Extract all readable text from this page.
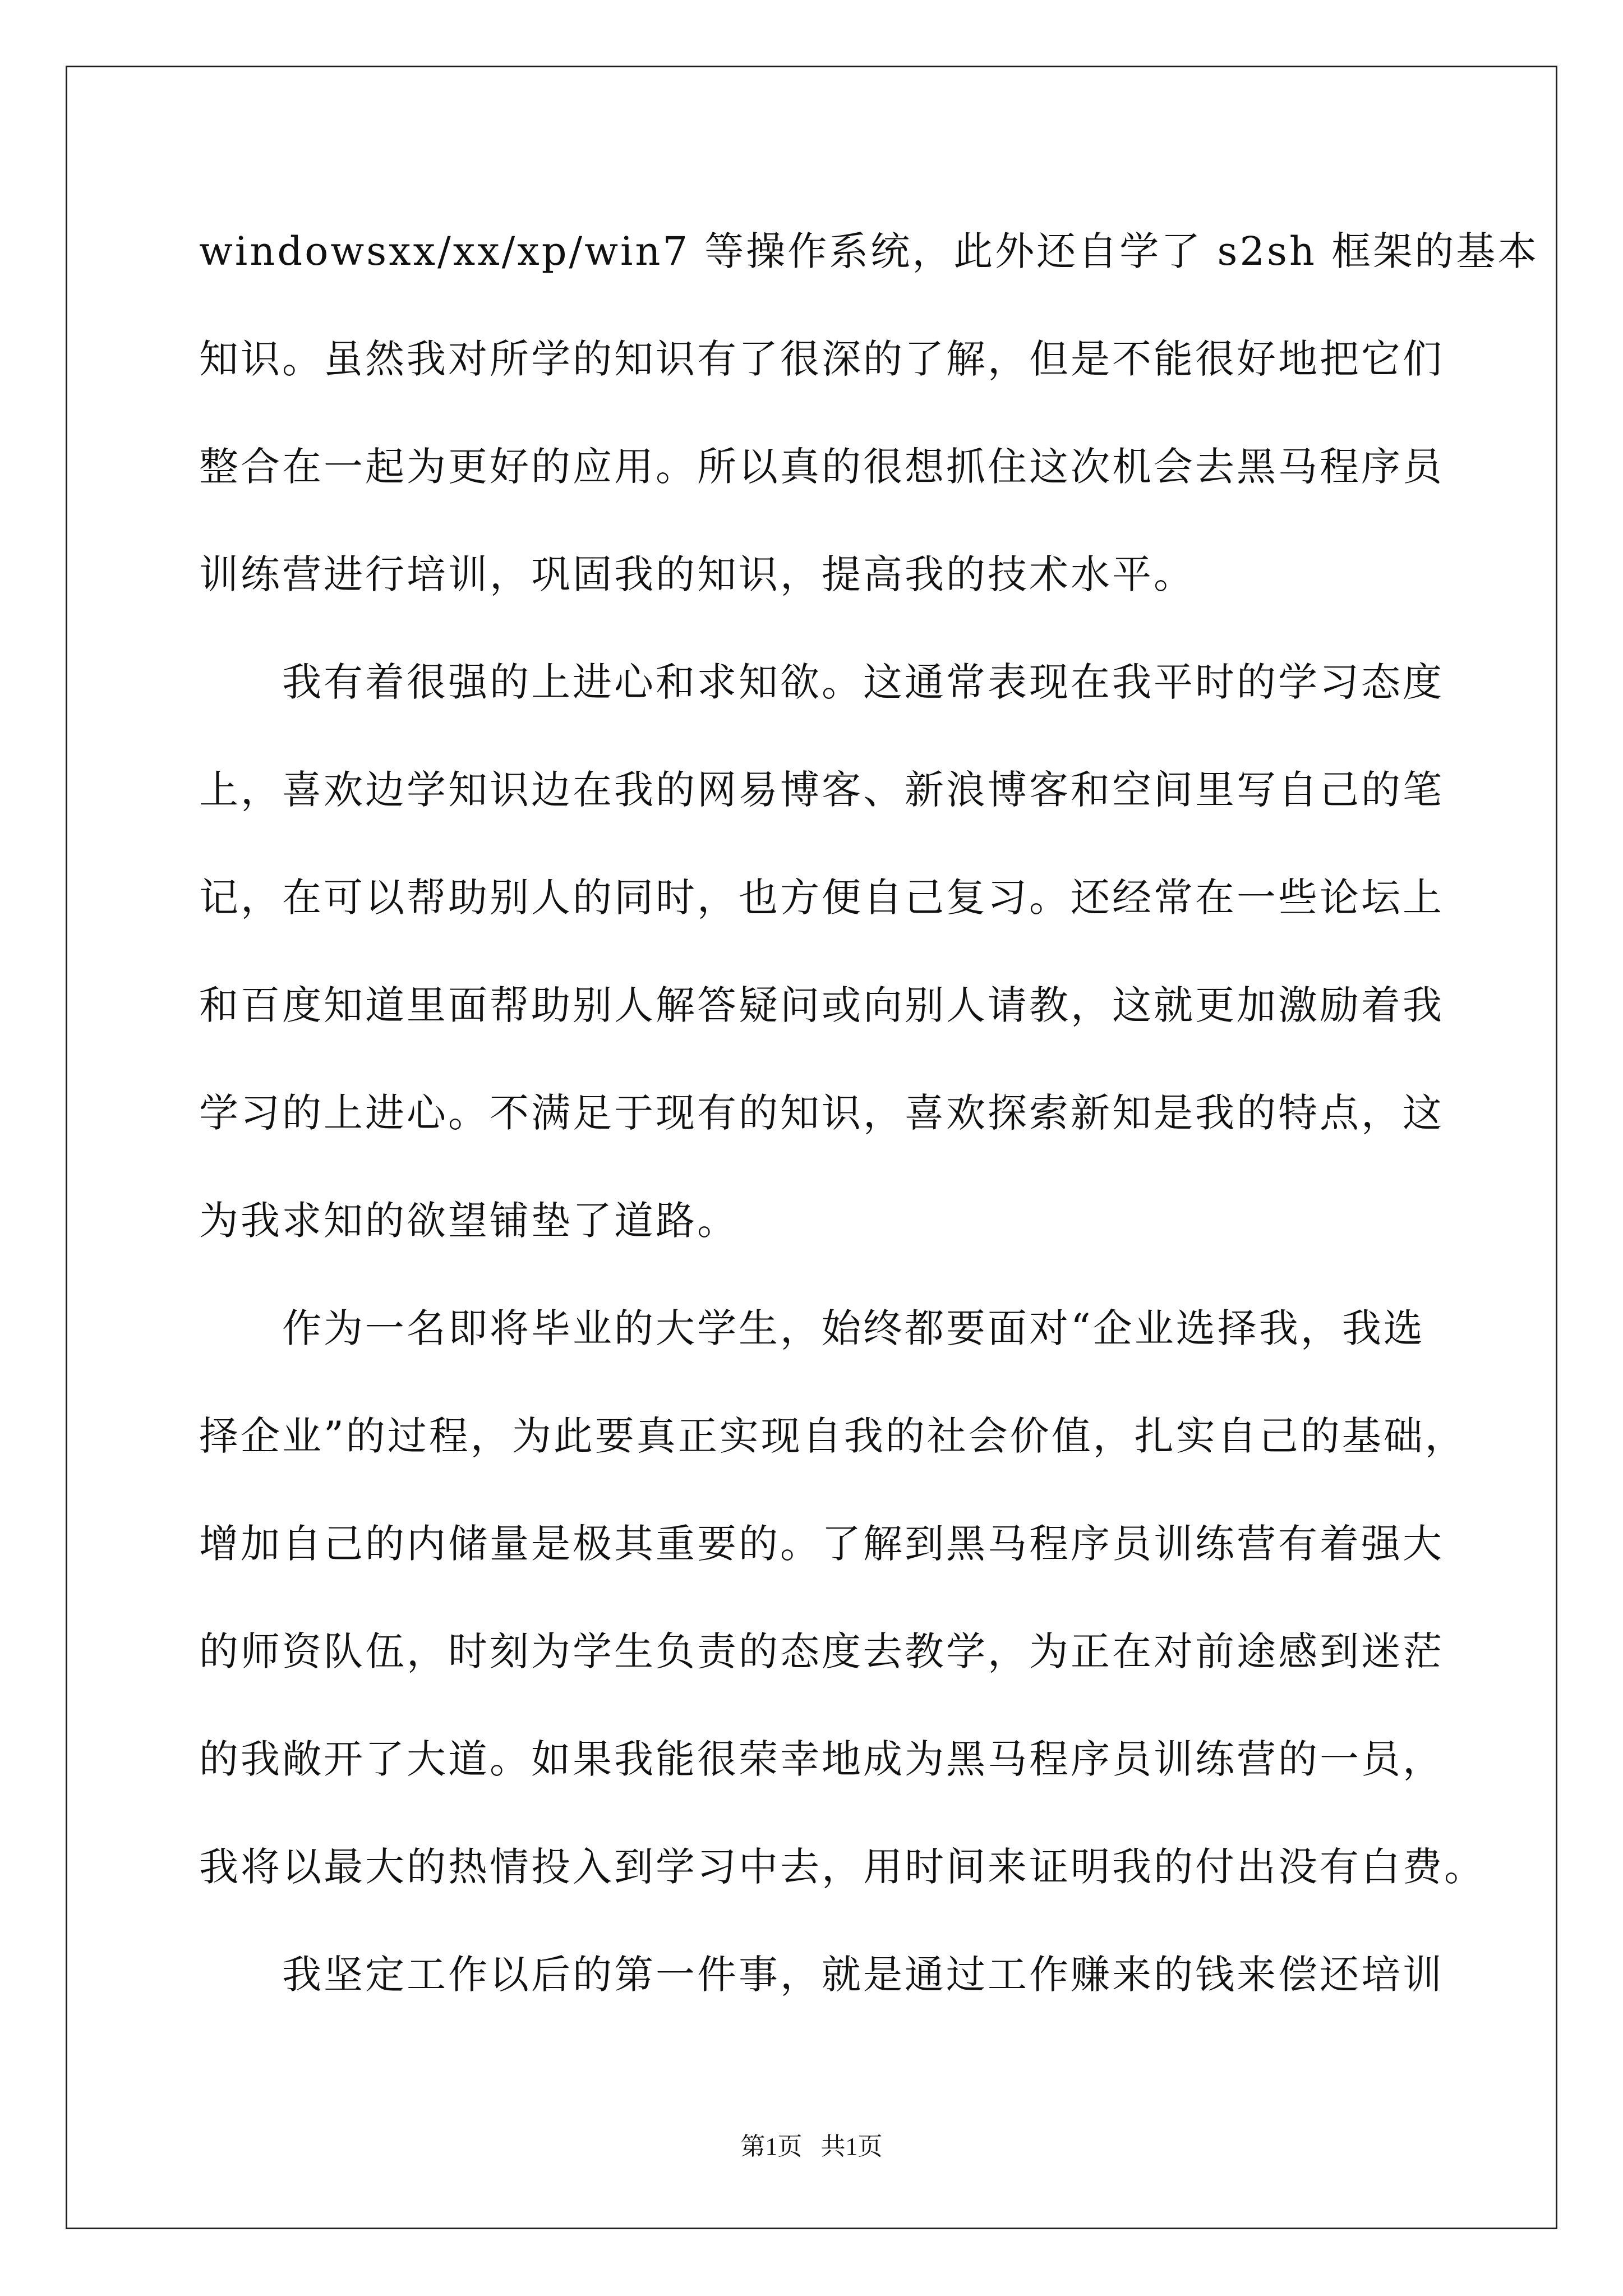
windowsxx/xx/xp/win7 等操作系统，此外还自学了 s2sh 框架的基本
知识。虽然我对所学的知识有了很深的了解，但是不能很好地把它们
整合在一起为更好的应用。所以真的很想抓住这次机会去黑马程序员
训练营进行培训，巩固我的知识，提高我的技术水平。
　　我有着很强的上进心和求知欲。这通常表现在我平时的学习态度
上，喜欢边学知识边在我的网易博客、新浪博客和空间里写自己的笔
记，在可以帮助别人的同时，也方便自己复习。还经常在一些论坛上
和百度知道里面帮助别人解答疑问或向别人请教，这就更加激励着我
学习的上进心。不满足于现有的知识，喜欢探索新知是我的特点，这
为我求知的欲望铺垫了道路。
　　作为一名即将毕业的大学生，始终都要面对“企业选择我，我选
择企业”的过程，为此要真正实现自我的社会价值，扎实自己的基础，
增加自己的内储量是极其重要的。了解到黑马程序员训练营有着强大
的师资队伍，时刻为学生负责的态度去教学，为正在对前途感到迷茫
的我敞开了大道。如果我能很荣幸地成为黑马程序员训练营的一员，
我将以最大的热情投入到学习中去，用时间来证明我的付出没有白费。
　　我坚定工作以后的第一件事，就是通过工作赚来的钱来偿还培训
第1页   共1页
